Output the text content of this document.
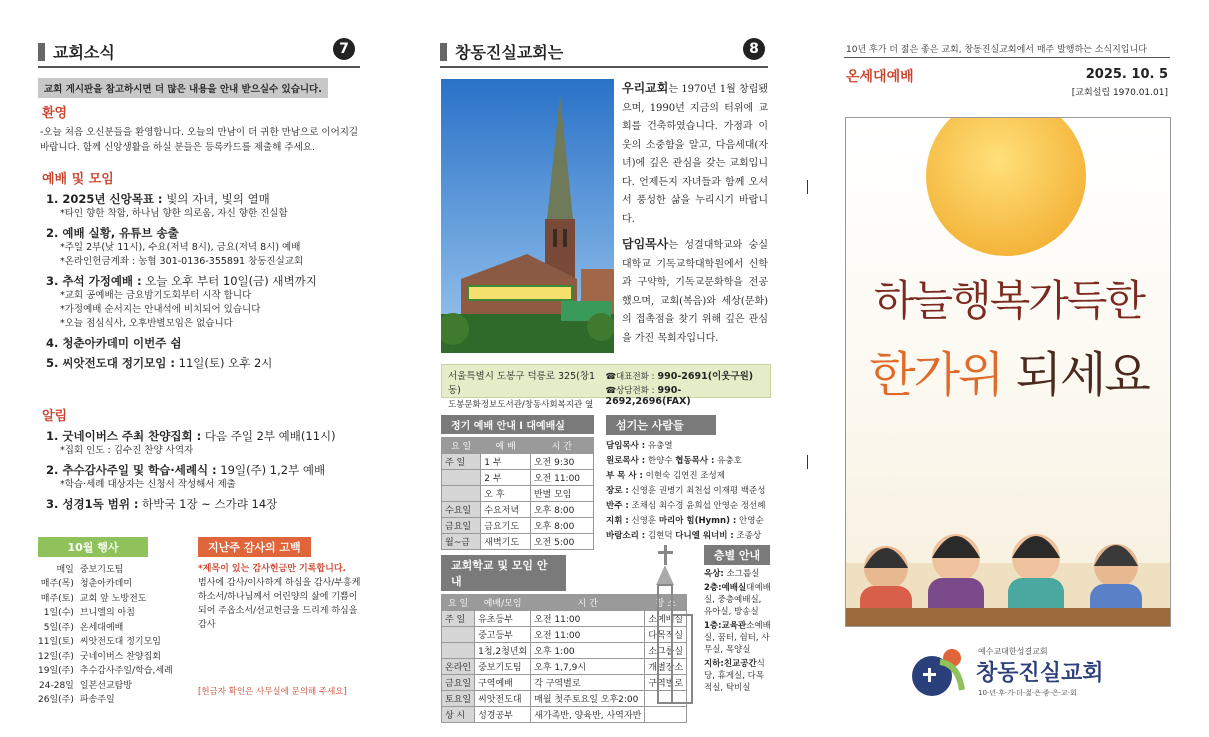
교회소식	7
교회 게시판을 참고하시면 더 많은 내용을 안내 받으실수 있습니다.
환영
-오늘 처음 오신분들을 환영합니다. 오늘의 만남이 더 귀한 만남으로 이어지길 바랍니다. 함께 신앙생활을 하실 분들은 등록카드를 제출해 주세요.
예배 및 모임
1. 2025년 신앙목표 : 빛의 자녀, 빛의 열매
*타인 향한 착함, 하나님 향한 의로움, 자신 향한 진실함
2. 예배 실황, 유튜브 송출
*주일 2부(낮 11시), 수요(저녁 8시), 금요(저녁 8시) 예배
*온라인헌금계좌 : 농협 301-0136-355891 창동진실교회
3. 추석 가정예배 : 오늘 오후 부터 10일(금) 새벽까지
*교회 공예배는 금요밤기도회부터 시작 합니다
*가정예배 순서지는 안내석에 비치되어 있습니다
*오늘 점심식사, 오후반별모임은 없습니다
4. 청춘아카데미 이번주 쉼
5. 씨앗전도대 정기모임 : 11일(토) 오후 2시
알림
1. 굿네이버스 주최 찬양집회 : 다음 주일 2부 예배(11시)
*집회 인도 : 김수진 찬양 사역자
2. 추수감사주일 및 학습·세례식 : 19일(주) 1,2부 예배
*학습·세례 대상자는 신청서 작성해서 제출
3. 성경1독 범위 : 하박국 1장 ~ 스가랴 14장
10월 행사
매일	중보기도팀
매주(목)	청춘아카데미
매주(토)	교회 앞 노방전도
1일(수)	브니엘의 아침
5일(주)	온세대예배
11일(토)	씨앗전도대 정기모임
12일(주)	굿네이버스 찬양집회
19일(주)	추수감사주일/학습,세례
24-28일	일본선교탐방
26일(주)	파송주일
지난주 감사의 고백
*제목이 있는 감사헌금만 기록합니다.
범사에 감사/이사하게 하심을 감사/부흥케 하소서/하나님께서 어린양의 삶에 기쁨이 되어 주옵소서/선교헌금을 드리게 하심을 감사
[헌금자 확인은 사무실에 문의해 주세요]
창동진실교회는	8
우리교회는 1970년 1월 창립됐으며, 1990년 지금의 터위에 교회를 건축하였습니다. 가정과 이웃의 소중함을 알고, 다음세대(자녀)에 깊은 관심을 갖는 교회입니다. 언제든지 자녀들과 함께 오셔서 풍성한 삶을 누리시기 바랍니다.
담임목사는 성결대학교와 숭실대학교 기독교학대학원에서 신학과 구약학, 기독교문화학을 전공했으며, 교회(복음)와 세상(문화)의 접촉점을 찾기 위해 깊은 관심을 가진 목회자입니다.
서울특별시 도봉구 덕릉로 325(창1동)
도봉문화정보도서관/창동사회복지관 옆
☎대표전화 : 990-2691(이웃구원)
☎상담전화 : 990-2692,2696(FAX)
정기 예배 안내 l 대예배실
요 일	예 배	시 간
주 일	1 부	오전 9:30
	2 부	오전 11:00
	오 후	반별 모임
수요일	수요저녁	오후 8:00
금요일	금요기도	오후 8:00
월~금	새벽기도	오전 5:00
섬기는 사람들
담임목사 : 유충열
원로목사 : 한양수 협동목사 : 유충호
부 목 사 : 이현숙 김연진 조성제
장로 : 신영훈 권병기 최천섭 이재평 백준성
반주 : 조채심 최수경 윤희섭 안영순 정선혜
지휘 : 신영훈 마리아 힘(Hymn) : 안영순
바람소리 : 김현덕 다니엘 워너비 : 조종상
교회학교 및 모임 안내
요 일	예배/모임	시 간	장 소
주 일	유초등부	오전 11:00	소예배실
	중고등부	오전 11:00	다목적실
	1청,2청년회	오후 1:00	소그룹실
온라인	중보기도팀	오후 1,7,9시	개별장소
금요일	구역예배	각 구역별로	구역별로
토요일	씨앗전도대	매월 첫주토요일 오후2:00	
상 시	성경공부	새가족반, 양육반, 사역자반	
층별 안내
옥상: 소그룹실
2층:예배실대예배실, 중층예배실, 유아실, 방송실
1층:교육관소예배실, 꿈터, 쉼터, 사무실, 목양실
지하:친교공간식당, 휴게실, 다목적실, 탁비실
10년 후가 더 젊은 좋은 교회, 창동진실교회에서 매주 발행하는 소식지입니다
온세대예배	2025. 10. 5
[교회설립 1970.01.01]
하늘행복가득한
한가위 되세요
예수교대한성결교회
창동진실교회
10·년·후·가·더·젊·은·좋·은·교·회
